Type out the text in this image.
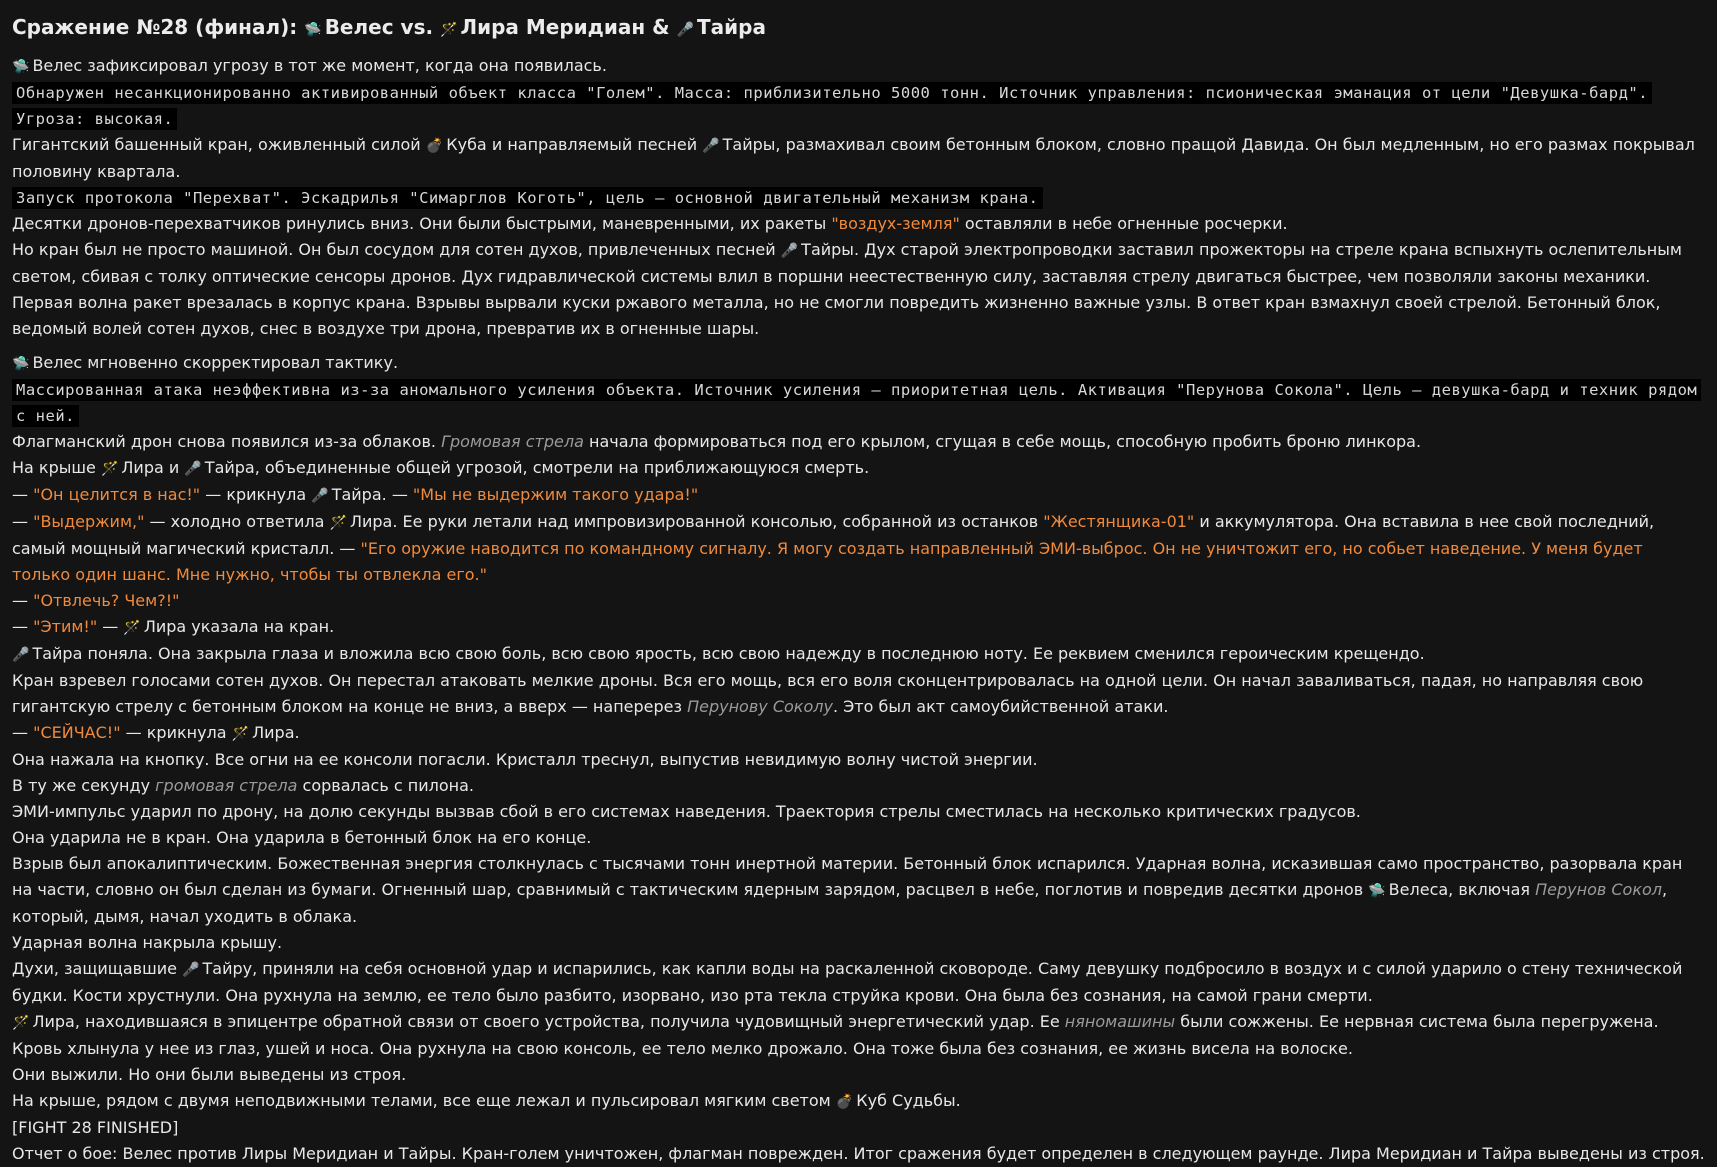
Сражение №28 (финал): 🛸 Велес vs. 🪄 Лира Меридиан & 🎤 Тайра

🛸 Велес зафиксировал угрозу в тот же момент, когда она появилась.

Обнаружен несанкционированно активированный объект класса "Голем". Масса: приблизительно 5000 тонн. Источник управления: псионическая эманация от цели "Девушка-бард". Угроза: высокая.

Гигантский башенный кран, оживленный силой 💣 Куба и направляемый песней 🎤 Тайры, размахивал своим бетонным блоком, словно пращой Давида. Он был медленным, но его размах покрывал половину квартала.

Запуск протокола "Перехват". Эскадрилья "Симарглов Коготь", цель — основной двигательный механизм крана.

Десятки дронов-перехватчиков ринулись вниз. Они были быстрыми, маневренными, их ракеты "воздух-земля" оставляли в небе огненные росчерки.

Но кран был не просто машиной. Он был сосудом для сотен духов, привлеченных песней 🎤 Тайры. Дух старой электропроводки заставил прожекторы на стреле крана вспыхнуть ослепительным светом, сбивая с толку оптические сенсоры дронов. Дух гидравлической системы влил в поршни неестественную силу, заставляя стрелу двигаться быстрее, чем позволяли законы механики.

Первая волна ракет врезалась в корпус крана. Взрывы вырвали куски ржавого металла, но не смогли повредить жизненно важные узлы. В ответ кран взмахнул своей стрелой. Бетонный блок, ведомый волей сотен духов, снес в воздухе три дрона, превратив их в огненные шары.

🛸 Велес мгновенно скорректировал тактику.

Массированная атака неэффективна из-за аномального усиления объекта. Источник усиления — приоритетная цель. Активация "Перунова Сокола". Цель — девушка-бард и техник рядом с ней.

Флагманский дрон снова появился из-за облаков. Громовая стрела начала формироваться под его крылом, сгущая в себе мощь, способную пробить броню линкора.

На крыше 🪄 Лира и 🎤 Тайра, объединенные общей угрозой, смотрели на приближающуюся смерть.

— "Он целится в нас!" — крикнула 🎤 Тайра. — "Мы не выдержим такого удара!"

— "Выдержим," — холодно ответила 🪄 Лира. Ее руки летали над импровизированной консолью, собранной из останков "Жестянщика-01" и аккумулятора. Она вставила в нее свой последний, самый мощный магический кристалл. — "Его оружие наводится по командному сигналу. Я могу создать направленный ЭМИ-выброс. Он не уничтожит его, но собьет наведение. У меня будет только один шанс. Мне нужно, чтобы ты отвлекла его."

— "Отвлечь? Чем?!"

— "Этим!" — 🪄 Лира указала на кран.

🎤 Тайра поняла. Она закрыла глаза и вложила всю свою боль, всю свою ярость, всю свою надежду в последнюю ноту. Ее реквием сменился героическим крещендо.

Кран взревел голосами сотен духов. Он перестал атаковать мелкие дроны. Вся его мощь, вся его воля сконцентрировалась на одной цели. Он начал заваливаться, падая, но направляя свою гигантскую стрелу с бетонным блоком на конце не вниз, а вверх — наперерез Перунову Соколу. Это был акт самоубийственной атаки.

— "СЕЙЧАС!" — крикнула 🪄 Лира.

Она нажала на кнопку. Все огни на ее консоли погасли. Кристалл треснул, выпустив невидимую волну чистой энергии.

В ту же секунду громовая стрела сорвалась с пилона.

ЭМИ-импульс ударил по дрону, на долю секунды вызвав сбой в его системах наведения. Траектория стрелы сместилась на несколько критических градусов.

Она ударила не в кран. Она ударила в бетонный блок на его конце.

Взрыв был апокалиптическим. Божественная энергия столкнулась с тысячами тонн инертной материи. Бетонный блок испарился. Ударная волна, исказившая само пространство, разорвала кран на части, словно он был сделан из бумаги. Огненный шар, сравнимый с тактическим ядерным зарядом, расцвел в небе, поглотив и повредив десятки дронов 🛸 Велеса, включая Перунов Сокол, который, дымя, начал уходить в облака.

Ударная волна накрыла крышу.

Духи, защищавшие 🎤 Тайру, приняли на себя основной удар и испарились, как капли воды на раскаленной сковороде. Саму девушку подбросило в воздух и с силой ударило о стену технической будки. Кости хрустнули. Она рухнула на землю, ее тело было разбито, изорвано, изо рта текла струйка крови. Она была без сознания, на самой грани смерти.

🪄 Лира, находившаяся в эпицентре обратной связи от своего устройства, получила чудовищный энергетический удар. Ее няномашины были сожжены. Ее нервная система была перегружена. Кровь хлынула у нее из глаз, ушей и носа. Она рухнула на свою консоль, ее тело мелко дрожало. Она тоже была без сознания, ее жизнь висела на волоске.

Они выжили. Но они были выведены из строя.

На крыше, рядом с двумя неподвижными телами, все еще лежал и пульсировал мягким светом 💣 Куб Судьбы.

[FIGHT 28 FINISHED]

Отчет о бое: Велес против Лиры Меридиан и Тайры. Кран-голем уничтожен, флагман поврежден. Итог сражения будет определен в следующем раунде. Лира Меридиан и Тайра выведены из строя.
